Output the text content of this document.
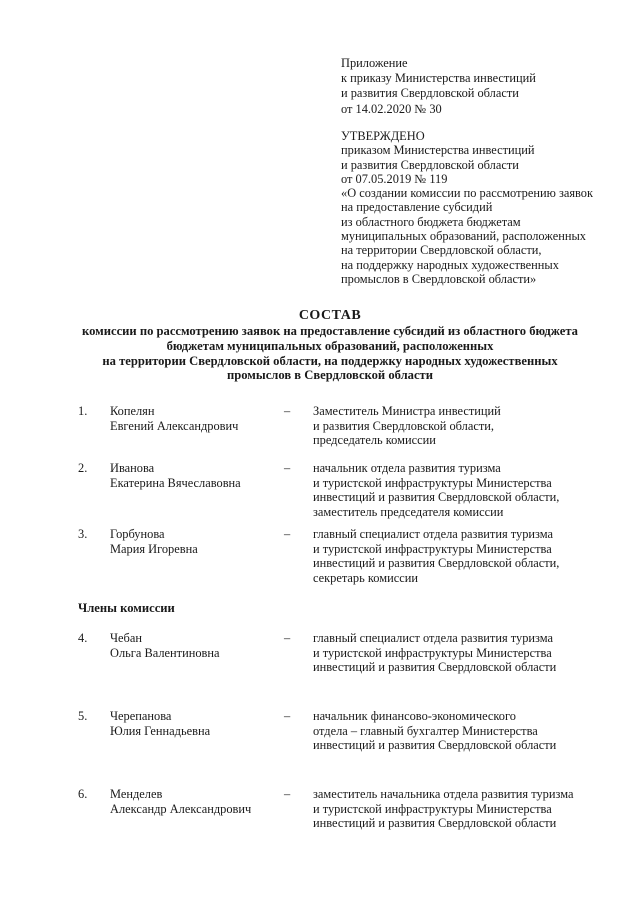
Приложение
к приказу Министерства инвестиций
и развития Свердловской области
от 14.02.2020 № 30
УТВЕРЖДЕНО
приказом Министерства инвестиций
и развития Свердловской области
от 07.05.2019 № 119
«О создании комиссии по рассмотрению заявок
на предоставление субсидий
из областного бюджета бюджетам
муниципальных образований, расположенных
на территории Свердловской области,
на поддержку народных художественных
промыслов в Свердловской области»
СОСТАВ
комиссии по рассмотрению заявок на предоставление субсидий из областного бюджета
бюджетам муниципальных образований, расположенных
на территории Свердловской области, на поддержку народных художественных
промыслов в Свердловской области
1. Копелян
Евгений Александрович
– Заместитель Министра инвестиций
и развития Свердловской области,
председатель комиссии
2. Иванова
Екатерина Вячеславовна
– начальник отдела развития туризма
и туристской инфраструктуры Министерства
инвестиций и развития Свердловской области,
заместитель председателя комиссии
3. Горбунова
Мария Игоревна
– главный специалист отдела развития туризма
и туристской инфраструктуры Министерства
инвестиций и развития Свердловской области,
секретарь комиссии
Члены комиссии
4. Чебан
Ольга Валентиновна
– главный специалист отдела развития туризма
и туристской инфраструктуры Министерства
инвестиций и развития Свердловской области
5. Черепанова
Юлия Геннадьевна
– начальник финансово-экономического
отдела – главный бухгалтер Министерства
инвестиций и развития Свердловской области
6. Менделев
Александр Александрович
– заместитель начальника отдела развития туризма
и туристской инфраструктуры Министерства
инвестиций и развития Свердловской области
